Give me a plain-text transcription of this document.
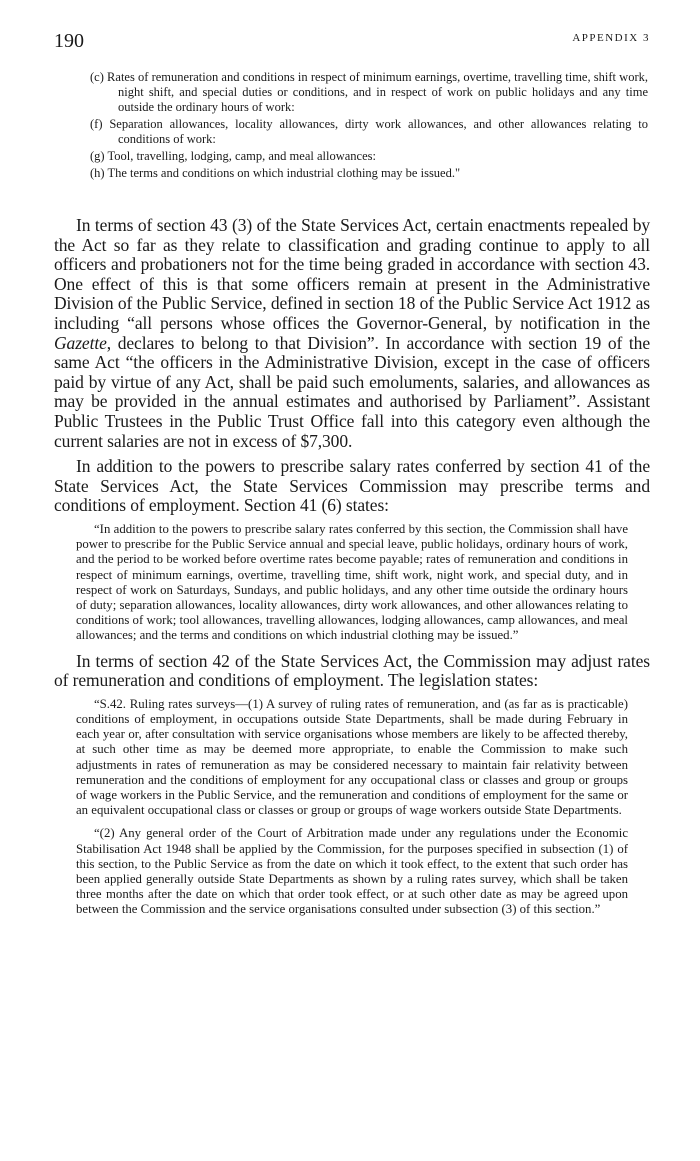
190	APPENDIX 3

(c) Rates of remuneration and conditions in respect of minimum earnings, overtime, travelling time, shift work, night shift, and special duties or conditions, and in respect of work on public holidays and any time outside the ordinary hours of work:

(f) Separation allowances, locality allowances, dirty work allowances, and other allowances relating to conditions of work:

(g) Tool, travelling, lodging, camp, and meal allowances:

(h) The terms and conditions on which industrial clothing may be issued."

In terms of section 43 (3) of the State Services Act, certain enactments repealed by the Act so far as they relate to classification and grading continue to apply to all officers and probationers not for the time being graded in accordance with section 43. One effect of this is that some officers remain at present in the Administrative Division of the Public Service, defined in section 18 of the Public Service Act 1912 as including “all persons whose offices the Governor-General, by notification in the Gazette, declares to belong to that Division”. In accordance with section 19 of the same Act “the officers in the Administrative Division, except in the case of officers paid by virtue of any Act, shall be paid such emoluments, salaries, and allowances as may be provided in the annual estimates and authorised by Parliament”. Assistant Public Trustees in the Public Trust Office fall into this category even although the current salaries are not in excess of $7,300.

In addition to the powers to prescribe salary rates conferred by section 41 of the State Services Act, the State Services Commission may prescribe terms and conditions of employment. Section 41 (6) states:

“In addition to the powers to prescribe salary rates conferred by this section, the Commission shall have power to prescribe for the Public Service annual and special leave, public holidays, ordinary hours of work, and the period to be worked before overtime rates become payable; rates of remuneration and conditions in respect of minimum earnings, overtime, travelling time, shift work, night work, and special duty, and in respect of work on Saturdays, Sundays, and public holidays, and any other time outside the ordinary hours of duty; separation allowances, locality allowances, dirty work allowances, and other allowances relating to conditions of work; tool allowances, travelling allowances, lodging allowances, camp allowances, and meal allowances; and the terms and conditions on which industrial clothing may be issued.”

In terms of section 42 of the State Services Act, the Commission may adjust rates of remuneration and conditions of employment. The legislation states:

“S.42. Ruling rates surveys—(1) A survey of ruling rates of remuneration, and (as far as is practicable) conditions of employment, in occupations outside State Departments, shall be made during February in each year or, after consultation with service organisations whose members are likely to be affected thereby, at such other time as may be deemed more appropriate, to enable the Commission to make such adjustments in rates of remuneration as may be considered necessary to maintain fair relativity between remuneration and the conditions of employment for any occupational class or classes and group or groups of wage workers in the Public Service, and the remuneration and conditions of employment for the same or an equivalent occupational class or classes or group or groups of wage workers outside State Departments.

“(2) Any general order of the Court of Arbitration made under any regulations under the Economic Stabilisation Act 1948 shall be applied by the Commission, for the purposes specified in subsection (1) of this section, to the Public Service as from the date on which it took effect, to the extent that such order has been applied generally outside State Departments as shown by a ruling rates survey, which shall be taken three months after the date on which that order took effect, or at such other date as may be agreed upon between the Commission and the service organisations consulted under subsection (3) of this section.”
